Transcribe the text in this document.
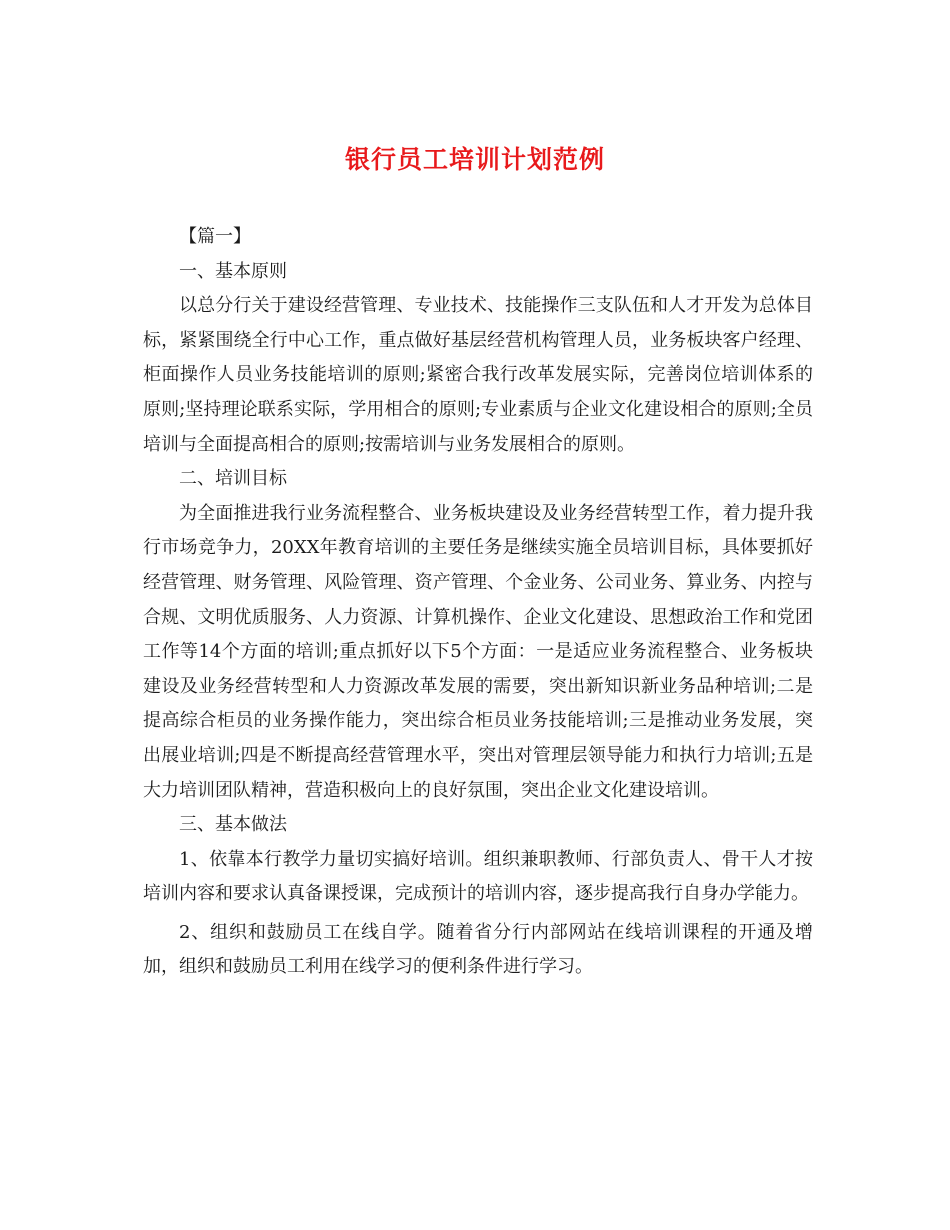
银行员工培训计划范例

【篇一】

一、基本原则

以总分行关于建设经营管理、专业技术、技能操作三支队伍和人才开发为总体目标，紧紧围绕全行中心工作，重点做好基层经营机构管理人员，业务板块客户经理、柜面操作人员业务技能培训的原则;紧密合我行改革发展实际，完善岗位培训体系的原则;坚持理论联系实际，学用相合的原则;专业素质与企业文化建设相合的原则;全员培训与全面提高相合的原则;按需培训与业务发展相合的原则。

二、培训目标

为全面推进我行业务流程整合、业务板块建设及业务经营转型工作，着力提升我行市场竞争力，20XX年教育培训的主要任务是继续实施全员培训目标，具体要抓好经营管理、财务管理、风险管理、资产管理、个金业务、公司业务、算业务、内控与合规、文明优质服务、人力资源、计算机操作、企业文化建设、思想政治工作和党团工作等14个方面的培训;重点抓好以下5个方面：一是适应业务流程整合、业务板块建设及业务经营转型和人力资源改革发展的需要，突出新知识新业务品种培训;二是提高综合柜员的业务操作能力，突出综合柜员业务技能培训;三是推动业务发展，突出展业培训;四是不断提高经营管理水平，突出对管理层领导能力和执行力培训;五是大力培训团队精神，营造积极向上的良好氛围，突出企业文化建设培训。

三、基本做法

1、依靠本行教学力量切实搞好培训。组织兼职教师、行部负责人、骨干人才按培训内容和要求认真备课授课，完成预计的培训内容，逐步提高我行自身办学能力。

2、组织和鼓励员工在线自学。随着省分行内部网站在线培训课程的开通及增加，组织和鼓励员工利用在线学习的便利条件进行学习。
